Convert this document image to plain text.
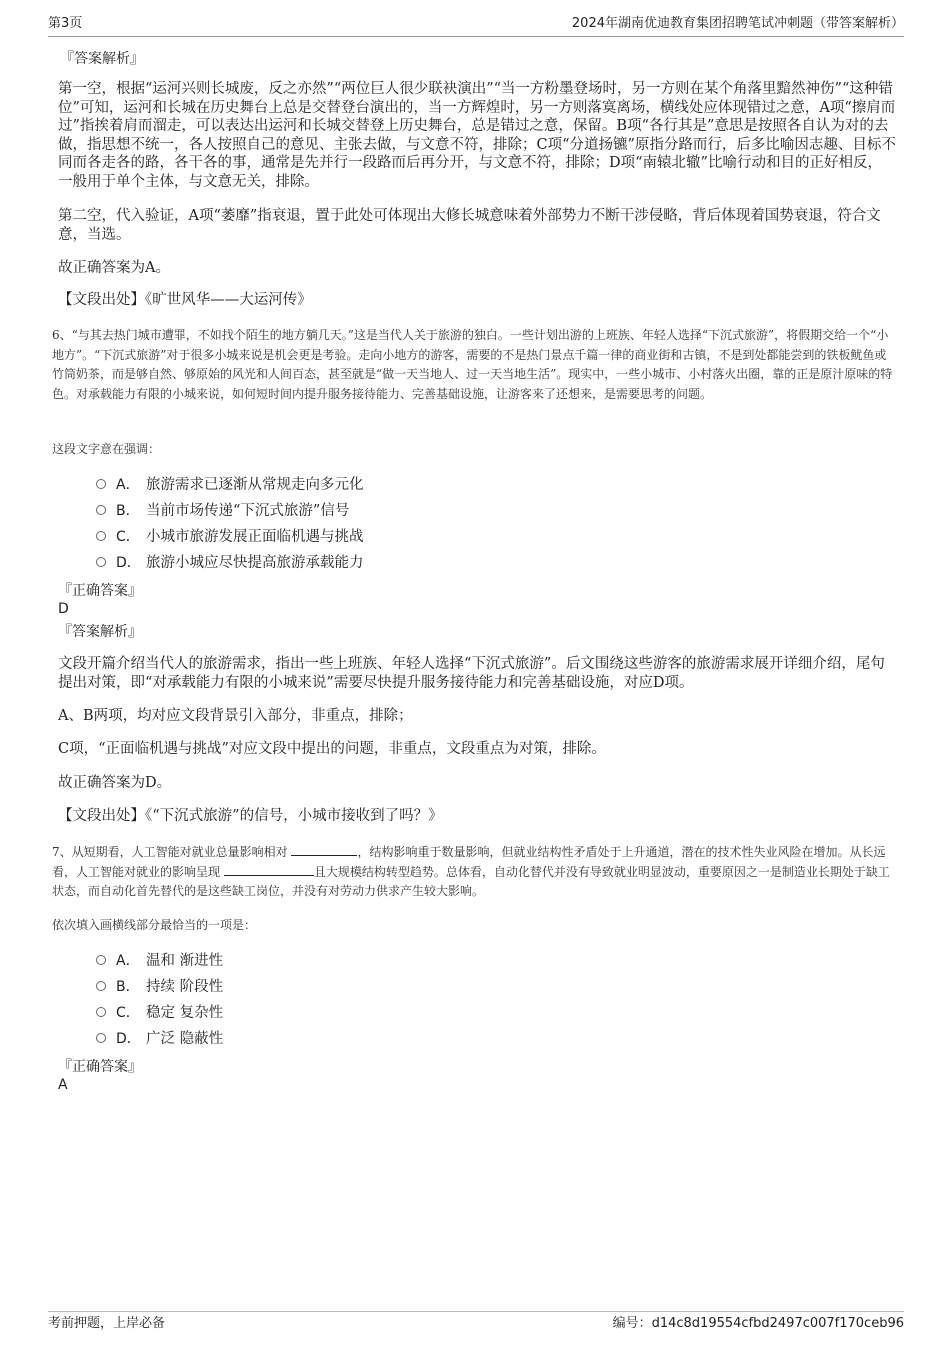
第3页	2024年湖南优迪教育集团招聘笔试冲刺题（带答案解析）
『答案解析』

第一空，根据“运河兴则长城废，反之亦然”“两位巨人很少联袂演出”“当一方粉墨登场时，另一方则在某个角落里黯然神伤”“这种错位”可知，运河和长城在历史舞台上总是交替登台演出的，当一方辉煌时，另一方则落寞离场，横线处应体现错过之意，A项“擦肩而过”指挨着肩而溜走，可以表达出运河和长城交替登上历史舞台，总是错过之意，保留。B项“各行其是”意思是按照各自认为对的去做，指思想不统一，各人按照自己的意见、主张去做，与文意不符，排除；C项“分道扬镳”原指分路而行，后多比喻因志趣、目标不同而各走各的路，各干各的事，通常是先并行一段路而后再分开，与文意不符，排除；D项“南辕北辙”比喻行动和目的正好相反，一般用于单个主体，与文意无关，排除。

第二空，代入验证，A项“萎靡”指衰退，置于此处可体现出大修长城意味着外部势力不断干涉侵略，背后体现着国势衰退，符合文意，当选。

故正确答案为A。

【文段出处】《旷世风华——大运河传》

6、“与其去热门城市遭罪，不如找个陌生的地方躺几天。”这是当代人关于旅游的独白。一些计划出游的上班族、年轻人选择“下沉式旅游”，将假期交给一个“小地方”。“下沉式旅游”对于很多小城来说是机会更是考验。走向小地方的游客，需要的不是热门景点千篇一律的商业街和古镇，不是到处都能尝到的铁板鱿鱼或竹筒奶茶，而是够自然、够原始的风光和人间百态，甚至就是“做一天当地人、过一天当地生活”。现实中，一些小城市、小村落火出圈，靠的正是原汁原味的特色。对承载能力有限的小城来说，如何短时间内提升服务接待能力、完善基础设施，让游客来了还想来，是需要思考的问题。

这段文字意在强调：

A． 旅游需求已逐渐从常规走向多元化
B． 当前市场传递“下沉式旅游”信号
C． 小城市旅游发展正面临机遇与挑战
D． 旅游小城应尽快提高旅游承载能力
『正确答案』
D
『答案解析』

文段开篇介绍当代人的旅游需求，指出一些上班族、年轻人选择“下沉式旅游”。后文围绕这些游客的旅游需求展开详细介绍，尾句提出对策，即“对承载能力有限的小城来说”需要尽快提升服务接待能力和完善基础设施，对应D项。

A、B两项，均对应文段背景引入部分，非重点，排除；

C项，“正面临机遇与挑战”对应文段中提出的问题，非重点，文段重点为对策，排除。

故正确答案为D。

【文段出处】《“下沉式旅游”的信号，小城市接收到了吗？》

7、从短期看，人工智能对就业总量影响相对	，结构影响重于数量影响，但就业结构性矛盾处于上升通道，潜在的技术性失业风险在增加。从长远看，人工智能对就业的影响呈现	且大规模结构转型趋势。总体看，自动化替代并没有导致就业明显波动，重要原因之一是制造业长期处于缺工状态，而自动化首先替代的是这些缺工岗位，并没有对劳动力供求产生较大影响。

依次填入画横线部分最恰当的一项是：

A． 温和 渐进性
B． 持续 阶段性
C． 稳定 复杂性
D． 广泛 隐蔽性
『正确答案』
A
考前押题，上岸必备	编号：d14c8d19554cfbd2497c007f170ceb96
